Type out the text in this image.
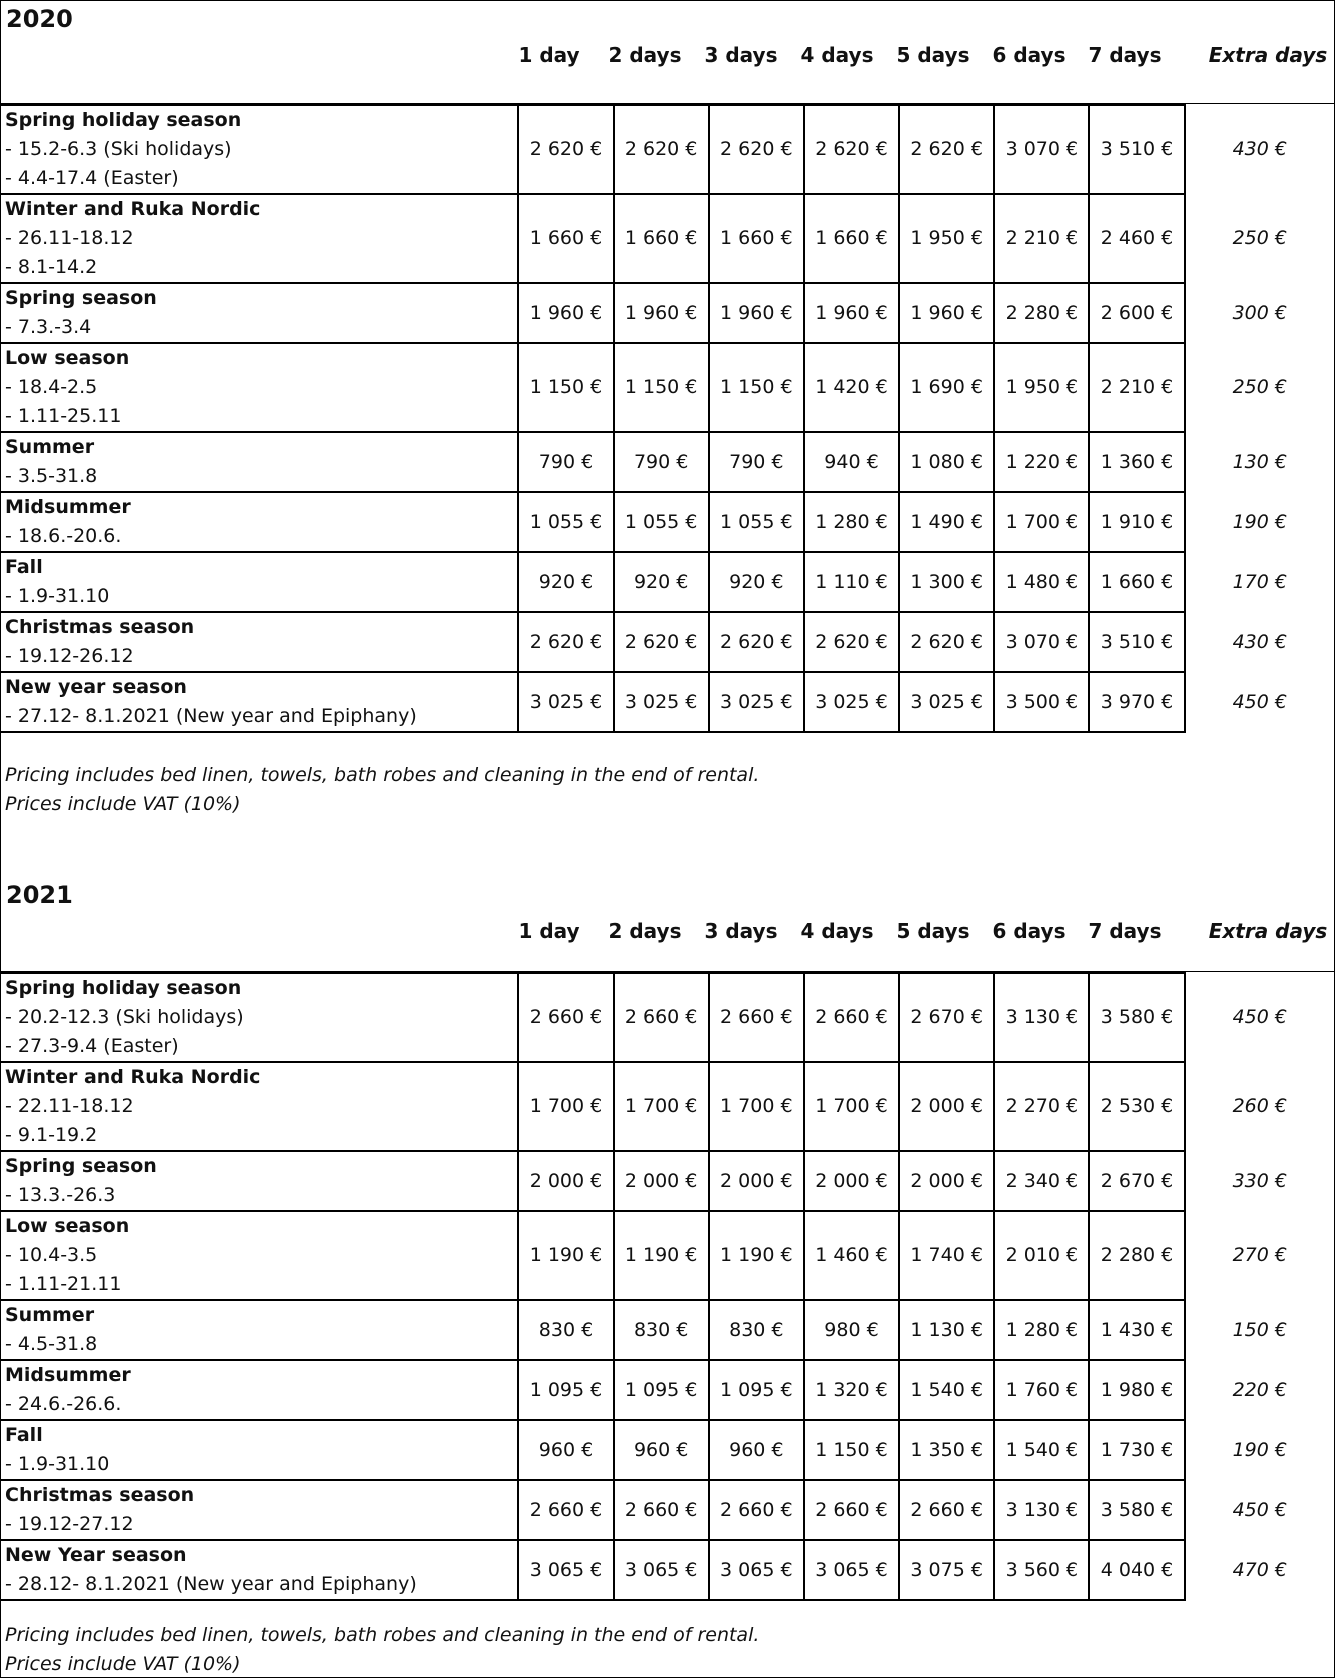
2020
1 day	2 days	3 days	4 days	5 days	6 days	7 days	Extra days
Spring holiday season
- 15.2-6.3 (Ski holidays)
- 4.4-17.4 (Easter)	2 620 €	2 620 €	2 620 €	2 620 €	2 620 €	3 070 €	3 510 €	430 €

Winter and Ruka Nordic
- 26.11-18.12
- 8.1-14.2	1 660 €	1 660 €	1 660 €	1 660 €	1 950 €	2 210 €	2 460 €	250 €

Spring season
- 7.3.-3.4	1 960 €	1 960 €	1 960 €	1 960 €	1 960 €	2 280 €	2 600 €	300 €

Low season
- 18.4-2.5
- 1.11-25.11	1 150 €	1 150 €	1 150 €	1 420 €	1 690 €	1 950 €	2 210 €	250 €

Summer
- 3.5-31.8	790 €	790 €	790 €	940 €	1 080 €	1 220 €	1 360 €	130 €

Midsummer
- 18.6.-20.6.	1 055 €	1 055 €	1 055 €	1 280 €	1 490 €	1 700 €	1 910 €	190 €

Fall
- 1.9-31.10	920 €	920 €	920 €	1 110 €	1 300 €	1 480 €	1 660 €	170 €

Christmas season
- 19.12-26.12	2 620 €	2 620 €	2 620 €	2 620 €	2 620 €	3 070 €	3 510 €	430 €

New year season
- 27.12- 8.1.2021 (New year and Epiphany)	3 025 €	3 025 €	3 025 €	3 025 €	3 025 €	3 500 €	3 970 €	450 €
Pricing includes bed linen, towels, bath robes and cleaning in the end of rental.
Prices include VAT (10%)
2021
1 day	2 days	3 days	4 days	5 days	6 days	7 days	Extra days
Spring holiday season
- 20.2-12.3 (Ski holidays)
- 27.3-9.4 (Easter)	2 660 €	2 660 €	2 660 €	2 660 €	2 670 €	3 130 €	3 580 €	450 €

Winter and Ruka Nordic
- 22.11-18.12
- 9.1-19.2	1 700 €	1 700 €	1 700 €	1 700 €	2 000 €	2 270 €	2 530 €	260 €

Spring season
- 13.3.-26.3	2 000 €	2 000 €	2 000 €	2 000 €	2 000 €	2 340 €	2 670 €	330 €

Low season
- 10.4-3.5
- 1.11-21.11	1 190 €	1 190 €	1 190 €	1 460 €	1 740 €	2 010 €	2 280 €	270 €

Summer
- 4.5-31.8	830 €	830 €	830 €	980 €	1 130 €	1 280 €	1 430 €	150 €

Midsummer
- 24.6.-26.6.	1 095 €	1 095 €	1 095 €	1 320 €	1 540 €	1 760 €	1 980 €	220 €

Fall
- 1.9-31.10	960 €	960 €	960 €	1 150 €	1 350 €	1 540 €	1 730 €	190 €

Christmas season
- 19.12-27.12	2 660 €	2 660 €	2 660 €	2 660 €	2 660 €	3 130 €	3 580 €	450 €

New Year season
- 28.12- 8.1.2021 (New year and Epiphany)	3 065 €	3 065 €	3 065 €	3 065 €	3 075 €	3 560 €	4 040 €	470 €
Pricing includes bed linen, towels, bath robes and cleaning in the end of rental.
Prices include VAT (10%)
